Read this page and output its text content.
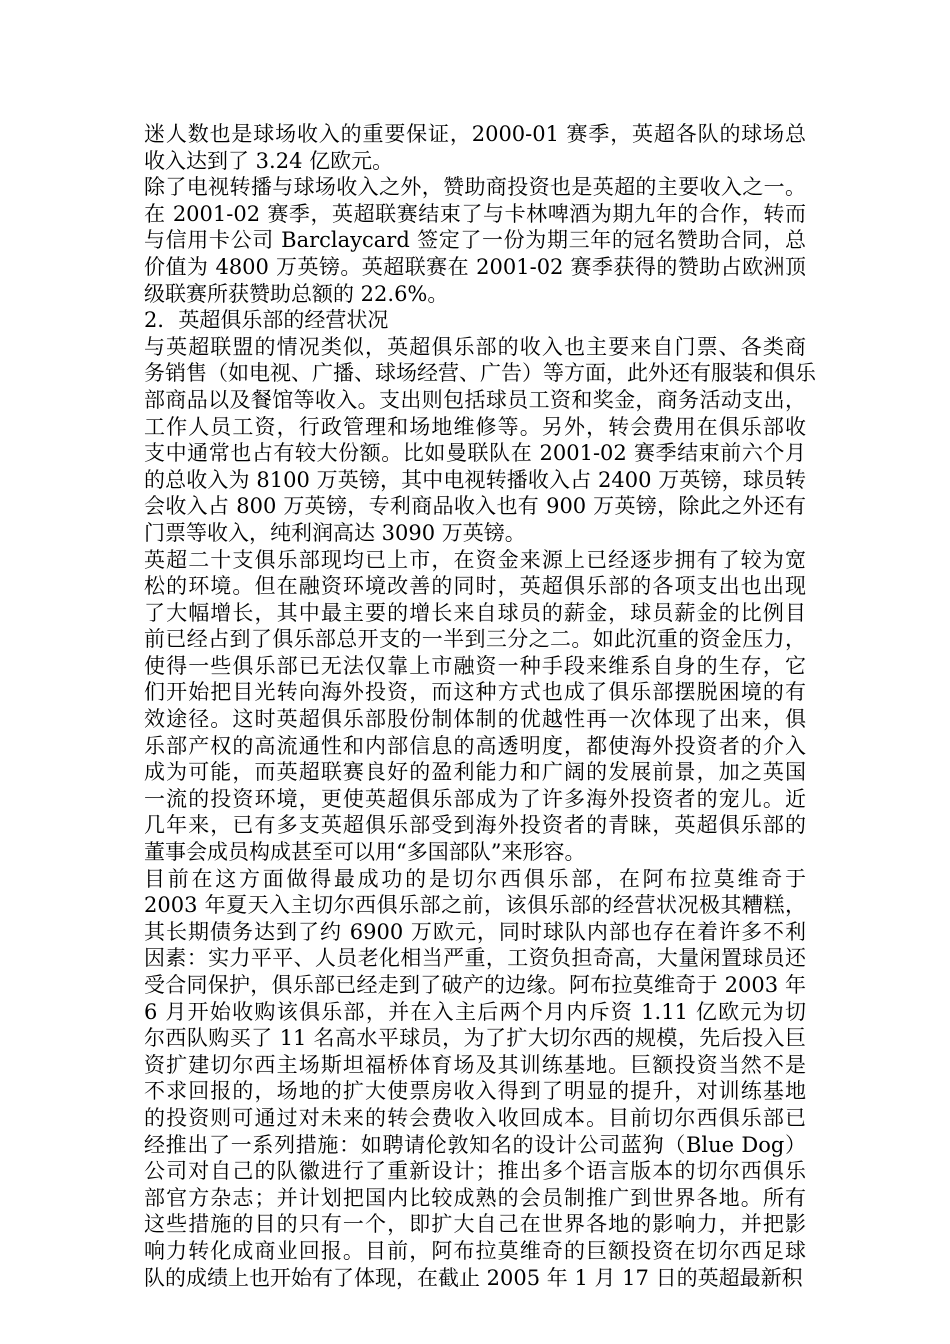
迷人数也是球场收入的重要保证，2000-01 赛季，英超各队的球场总
收入达到了 3.24 亿欧元。
除了电视转播与球场收入之外，赞助商投资也是英超的主要收入之一。
在 2001-02 赛季，英超联赛结束了与卡林啤酒为期九年的合作，转而
与信用卡公司 Barclaycard 签定了一份为期三年的冠名赞助合同，总
价值为 4800 万英镑。英超联赛在 2001-02 赛季获得的赞助占欧洲顶
级联赛所获赞助总额的 22.6%。
2．英超俱乐部的经营状况
与英超联盟的情况类似，英超俱乐部的收入也主要来自门票、各类商
务销售（如电视、广播、球场经营、广告）等方面，此外还有服装和俱乐
部商品以及餐馆等收入。支出则包括球员工资和奖金，商务活动支出，
工作人员工资，行政管理和场地维修等。另外，转会费用在俱乐部收
支中通常也占有较大份额。比如曼联队在 2001-02 赛季结束前六个月
的总收入为 8100 万英镑，其中电视转播收入占 2400 万英镑，球员转
会收入占 800 万英镑，专利商品收入也有 900 万英镑，除此之外还有
门票等收入，纯利润高达 3090 万英镑。
英超二十支俱乐部现均已上市，在资金来源上已经逐步拥有了较为宽
松的环境。但在融资环境改善的同时，英超俱乐部的各项支出也出现
了大幅增长，其中最主要的增长来自球员的薪金，球员薪金的比例目
前已经占到了俱乐部总开支的一半到三分之二。如此沉重的资金压力，
使得一些俱乐部已无法仅靠上市融资一种手段来维系自身的生存，它
们开始把目光转向海外投资，而这种方式也成了俱乐部摆脱困境的有
效途径。这时英超俱乐部股份制体制的优越性再一次体现了出来，俱
乐部产权的高流通性和内部信息的高透明度，都使海外投资者的介入
成为可能，而英超联赛良好的盈利能力和广阔的发展前景，加之英国
一流的投资环境，更使英超俱乐部成为了许多海外投资者的宠儿。近
几年来，已有多支英超俱乐部受到海外投资者的青睐，英超俱乐部的
董事会成员构成甚至可以用“多国部队”来形容。
目前在这方面做得最成功的是切尔西俱乐部，在阿布拉莫维奇于
2003 年夏天入主切尔西俱乐部之前，该俱乐部的经营状况极其糟糕，
其长期债务达到了约 6900 万欧元，同时球队内部也存在着许多不利
因素：实力平平、人员老化相当严重，工资负担奇高，大量闲置球员还
受合同保护，俱乐部已经走到了破产的边缘。阿布拉莫维奇于 2003 年
6 月开始收购该俱乐部，并在入主后两个月内斥资 1.11 亿欧元为切
尔西队购买了 11 名高水平球员，为了扩大切尔西的规模，先后投入巨
资扩建切尔西主场斯坦福桥体育场及其训练基地。巨额投资当然不是
不求回报的，场地的扩大使票房收入得到了明显的提升，对训练基地
的投资则可通过对未来的转会费收入收回成本。目前切尔西俱乐部已
经推出了一系列措施：如聘请伦敦知名的设计公司蓝狗（Blue Dog）
公司对自己的队徽进行了重新设计；推出多个语言版本的切尔西俱乐
部官方杂志；并计划把国内比较成熟的会员制推广到世界各地。所有
这些措施的目的只有一个，即扩大自己在世界各地的影响力，并把影
响力转化成商业回报。目前，阿布拉莫维奇的巨额投资在切尔西足球
队的成绩上也开始有了体现，在截止 2005 年 1 月 17 日的英超最新积
